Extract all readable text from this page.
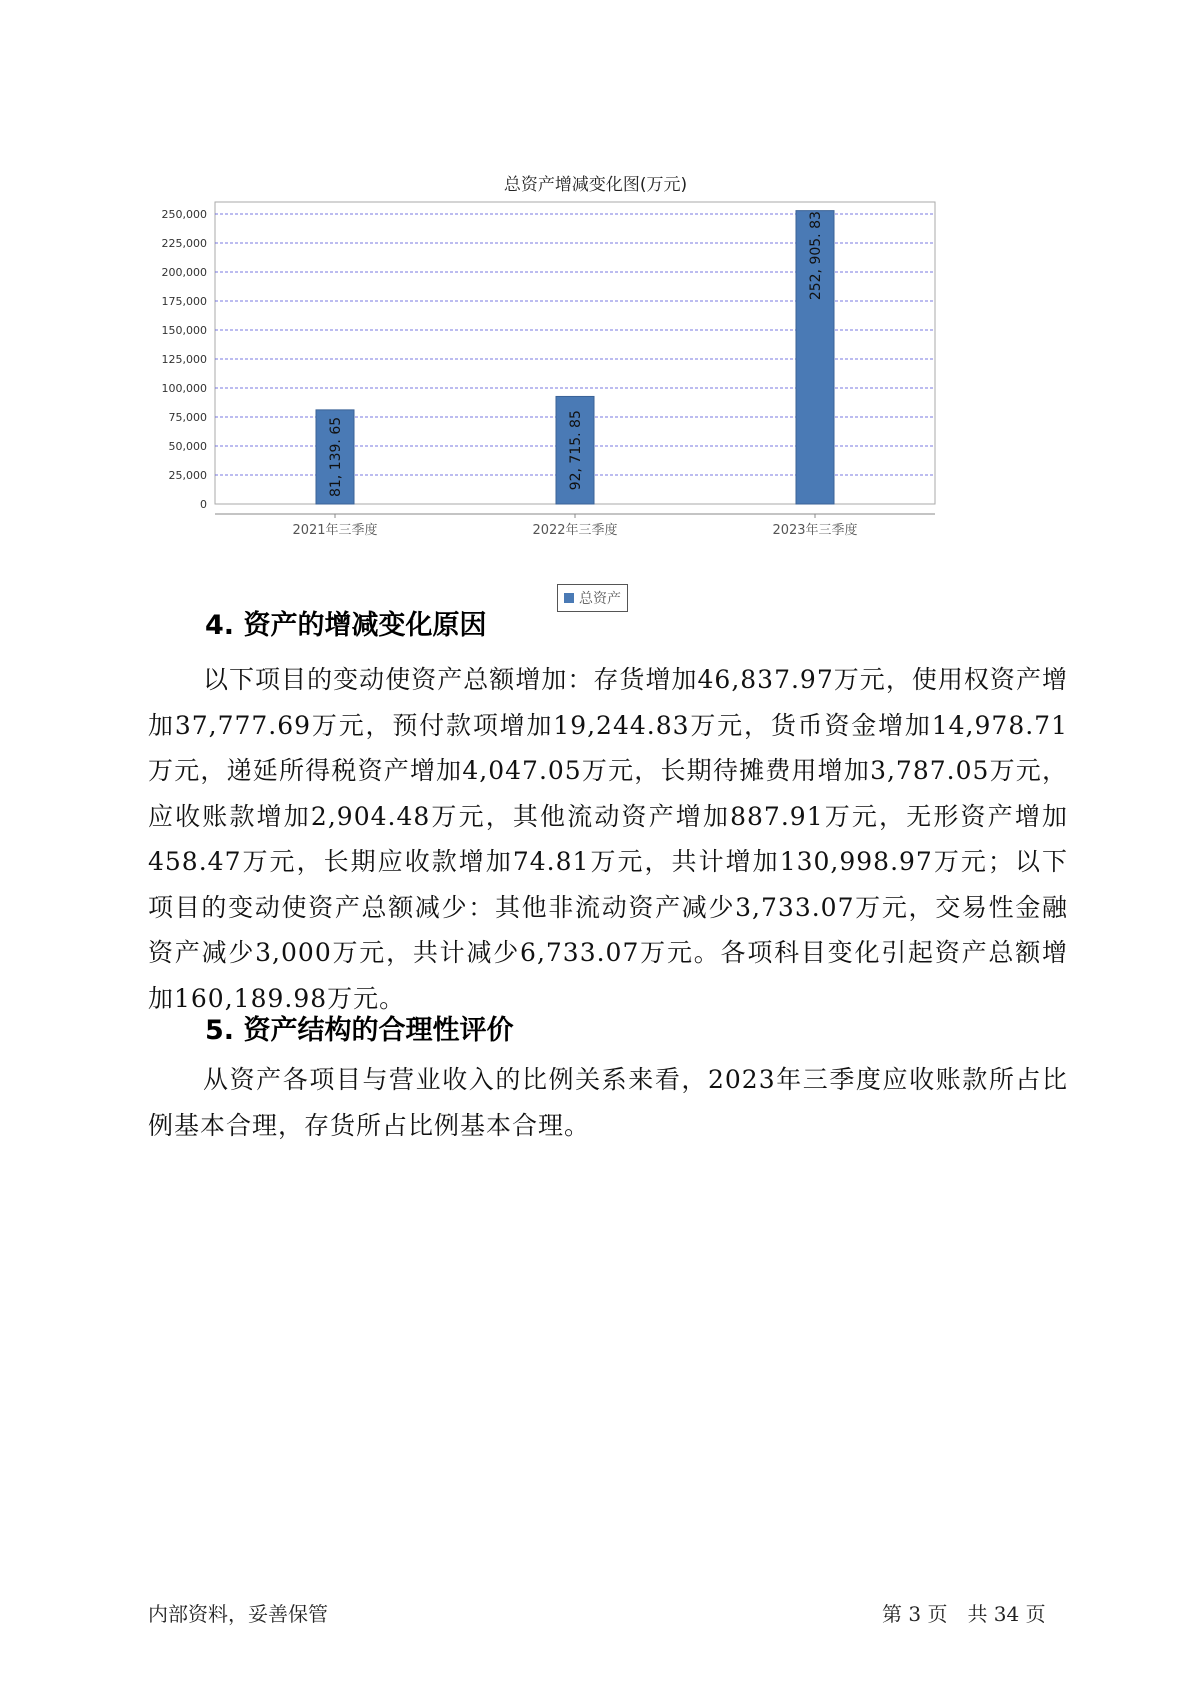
总资产增减变化图(万元)
0
25,000
50,000
75,000
100,000
125,000
150,000
175,000
200,000
225,000
250,000
81, 139. 65
2021年三季度
92, 715. 85
2022年三季度
252, 905. 83
2023年三季度
总资产
4. 资产的增减变化原因
以下项目的变动使资产总额增加：存货增加46,837.97万元，使用权资产增加37,777.69万元，预付款项增加19,244.83万元，货币资金增加14,978.71万元，递延所得税资产增加4,047.05万元，长期待摊费用增加3,787.05万元，应收账款增加2,904.48万元，其他流动资产增加887.91万元，无形资产增加458.47万元，长期应收款增加74.81万元，共计增加130,998.97万元；以下项目的变动使资产总额减少：其他非流动资产减少3,733.07万元，交易性金融资产减少3,000万元，共计减少6,733.07万元。各项科目变化引起资产总额增加160,189.98万元。
5. 资产结构的合理性评价
从资产各项目与营业收入的比例关系来看，2023年三季度应收账款所占比例基本合理，存货所占比例基本合理。
内部资料，妥善保管	第 3 页　共 34 页
